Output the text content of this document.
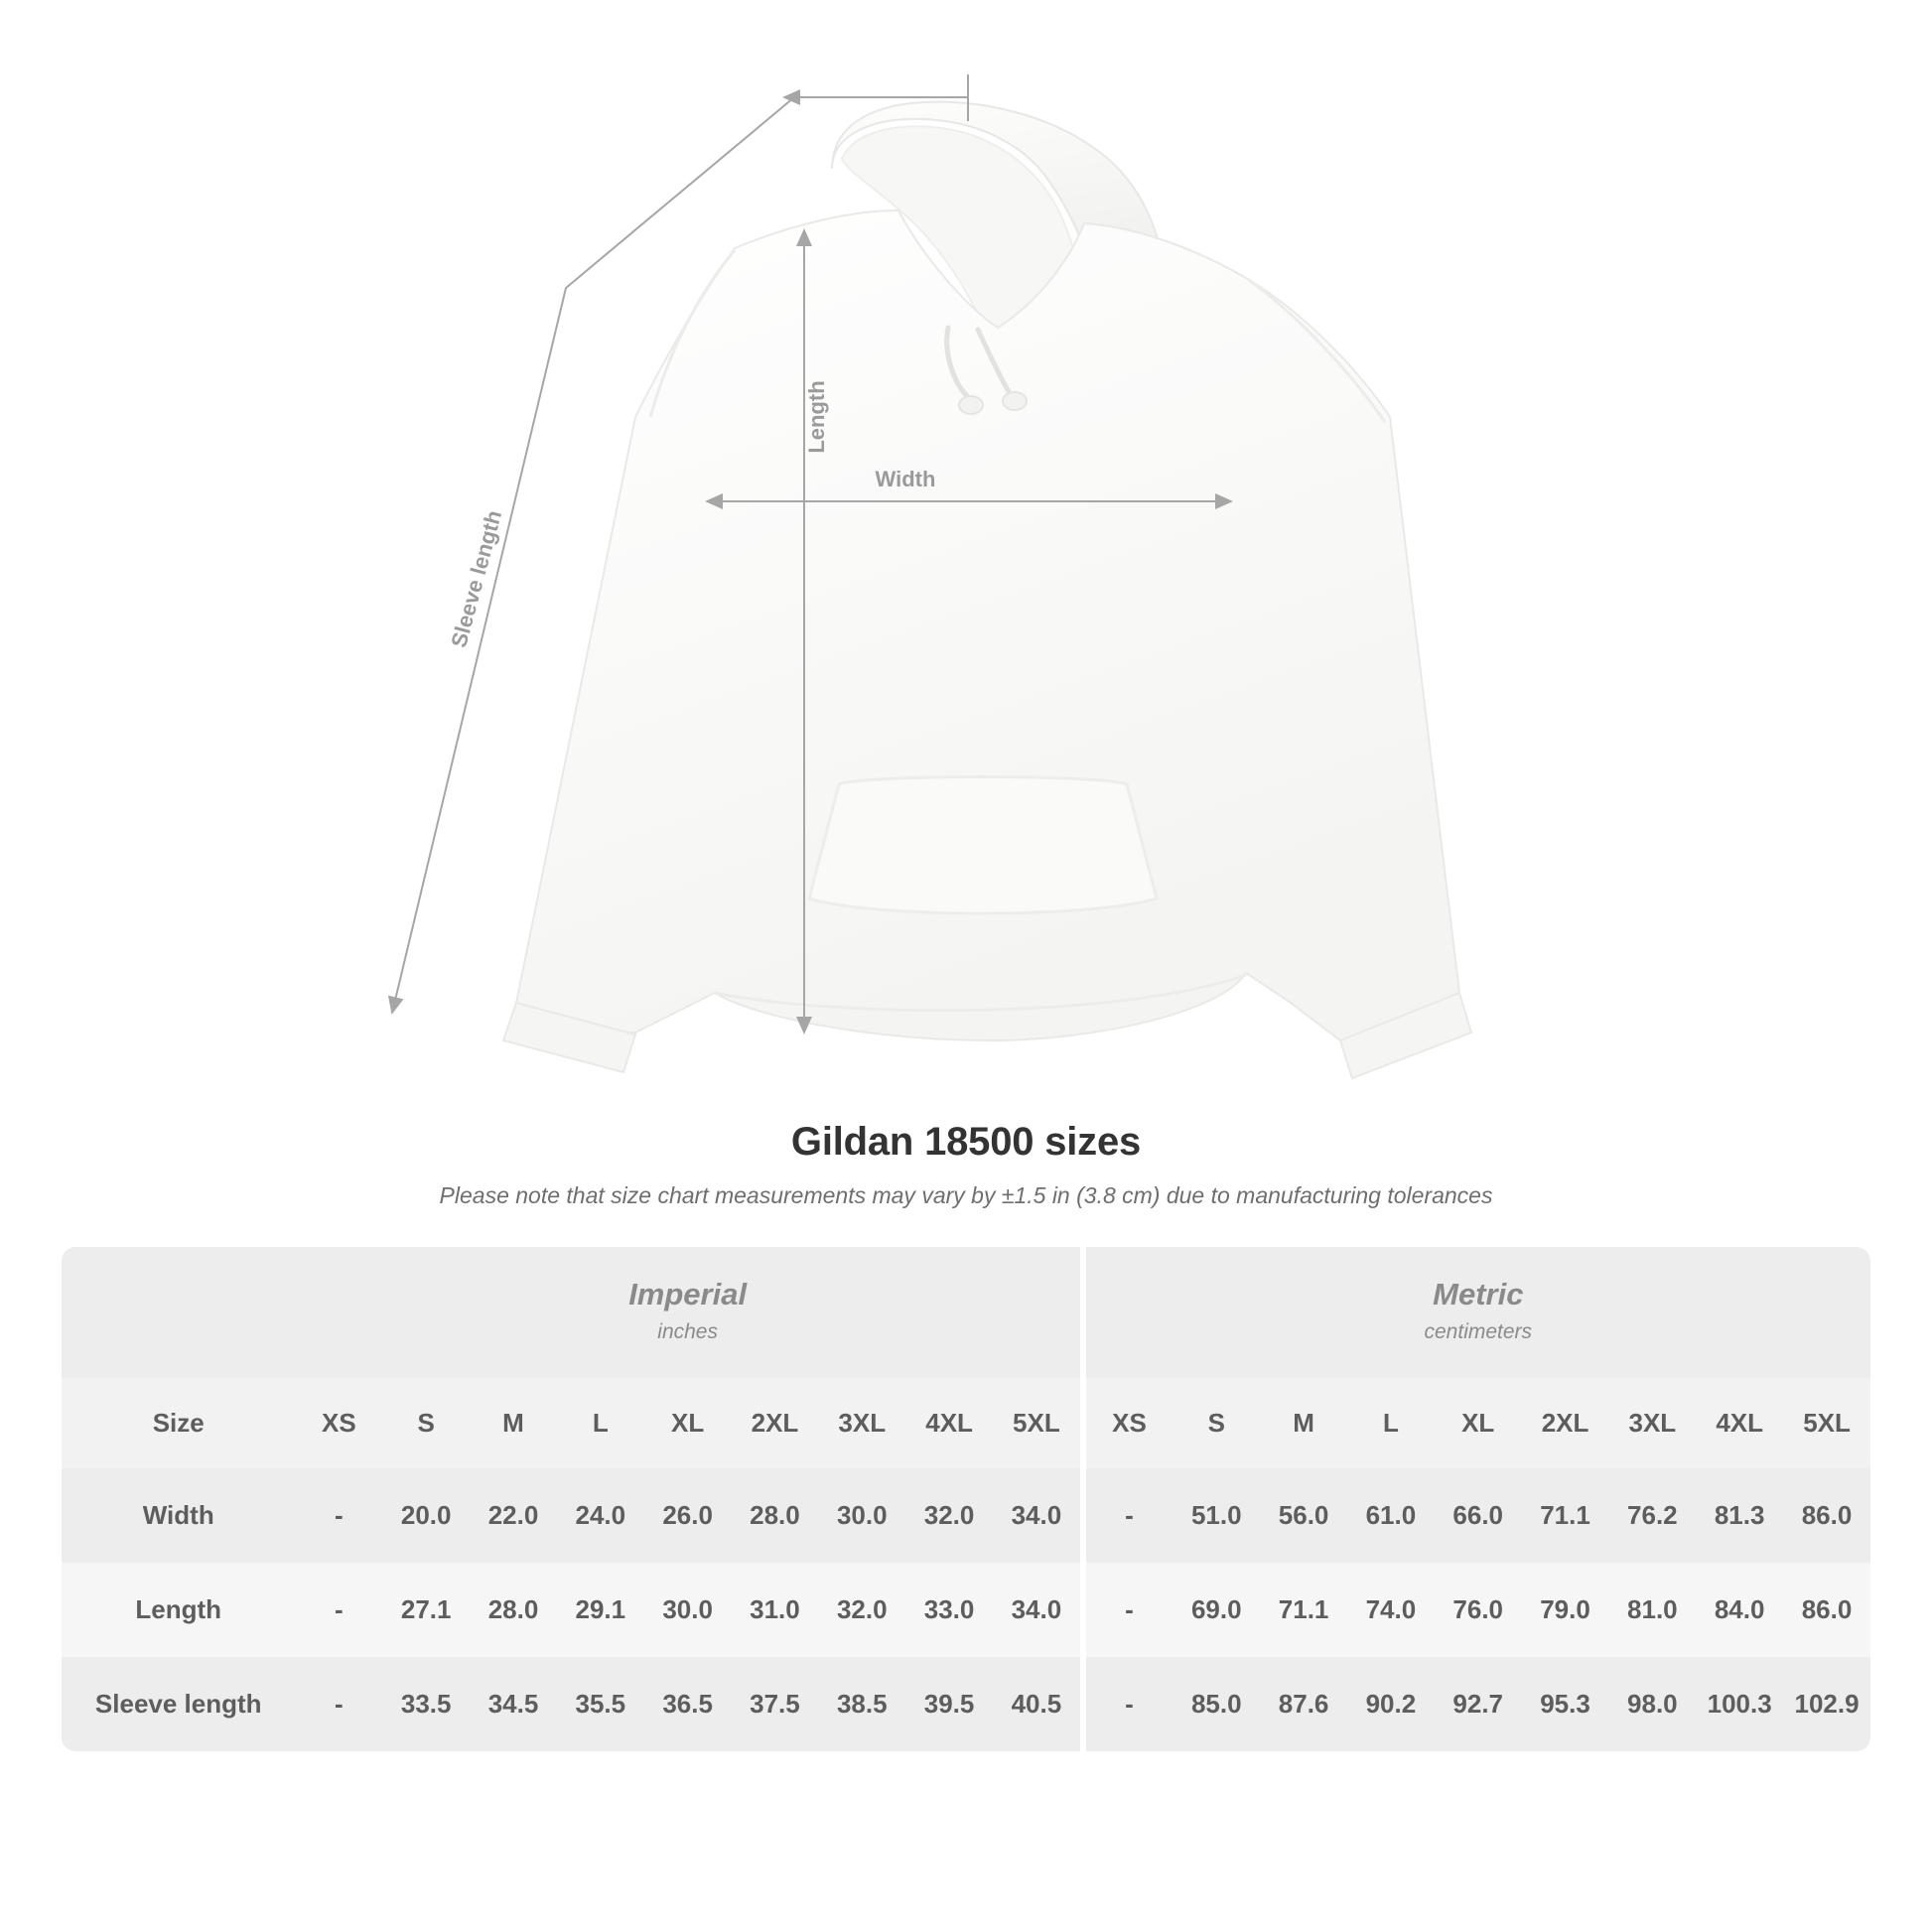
Length
Width
Sleeve length
Gildan 18500 sizes
Please note that size chart measurements may vary by ±1.5 in (3.8 cm) due to manufacturing tolerances

Imperial
inches

Metric
centimeters

Size	XS	S	M	L	XL	2XL	3XL	4XL	5XL		XS	S	M	L	XL	2XL	3XL	4XL	5XL
Width	-	20.0	22.0	24.0	26.0	28.0	30.0	32.0	34.0		-	51.0	56.0	61.0	66.0	71.1	76.2	81.3	86.0
Length	-	27.1	28.0	29.1	30.0	31.0	32.0	33.0	34.0		-	69.0	71.1	74.0	76.0	79.0	81.0	84.0	86.0
Sleeve length	-	33.5	34.5	35.5	36.5	37.5	38.5	39.5	40.5		-	85.0	87.6	90.2	92.7	95.3	98.0	100.3	102.9
